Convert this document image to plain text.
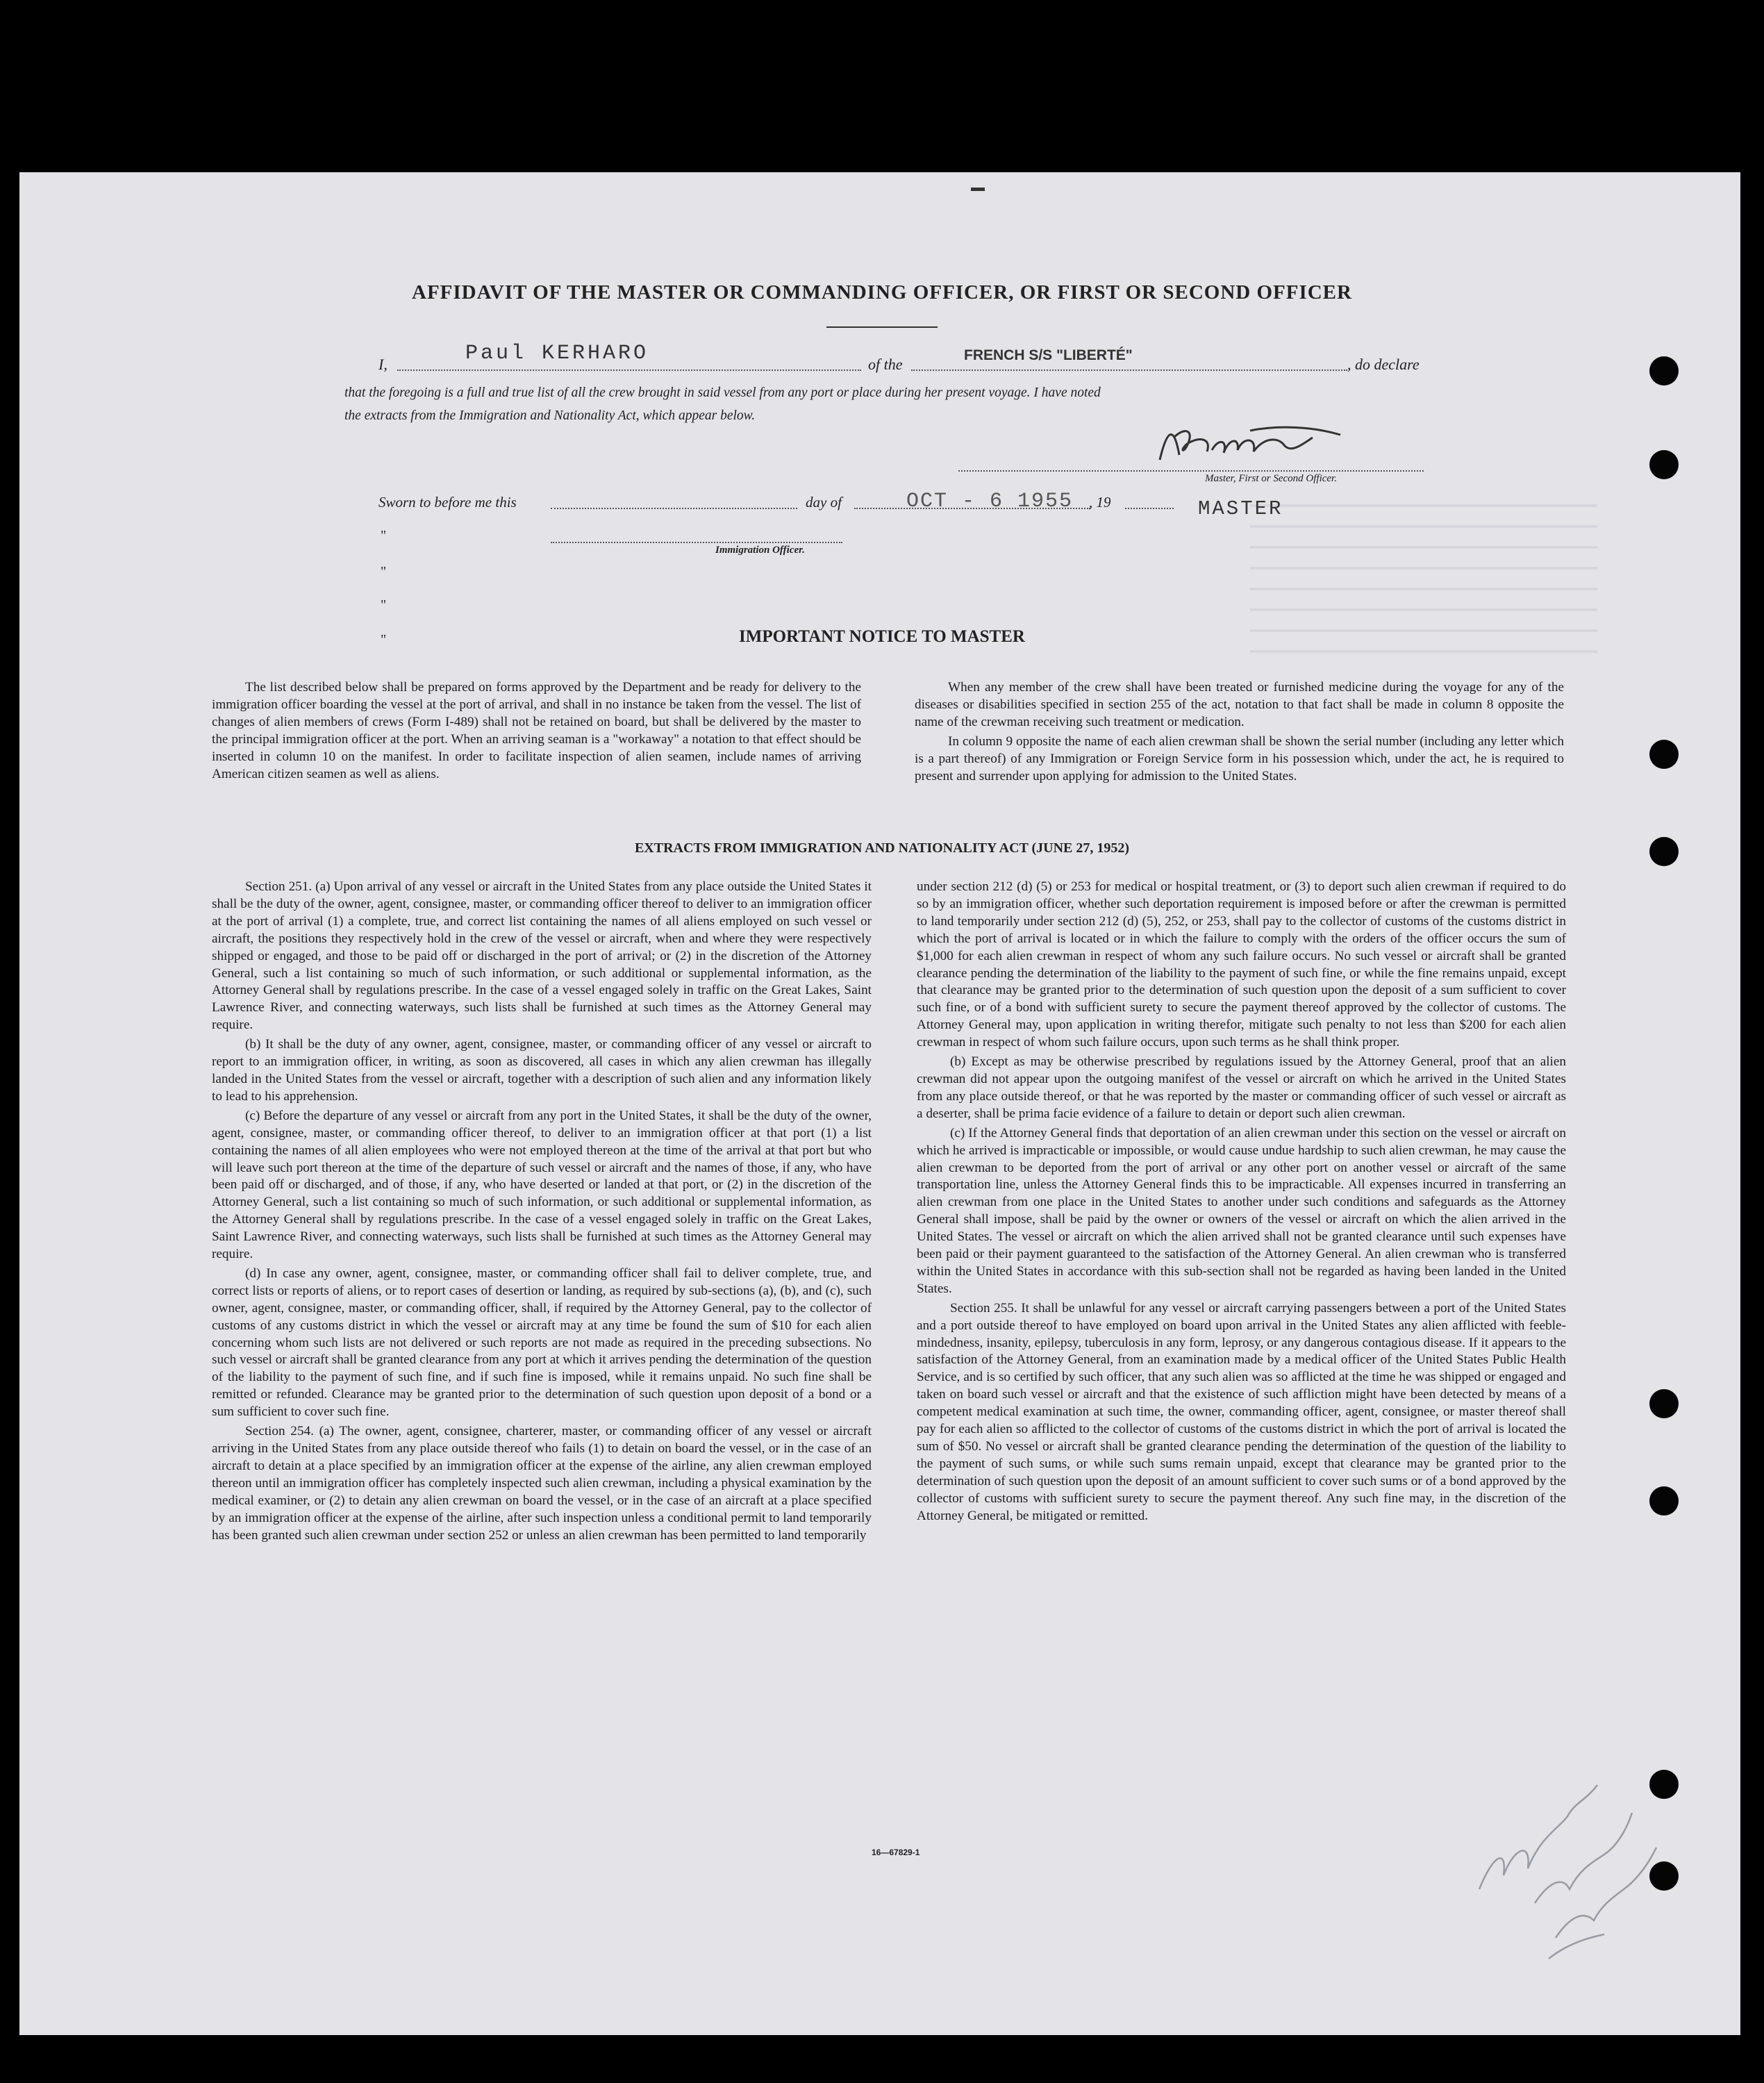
AFFIDAVIT OF THE MASTER OR COMMANDING OFFICER, OR FIRST OR SECOND OFFICER
I,	Paul KERHARO	of the
FRENCH S/S "LIBERTÉ"
, do declare
that the foregoing is a full and true list of all the crew brought in said vessel from any port or place during her present voyage. I have noted
the extracts from the Immigration and Nationality Act, which appear below.
Master, First or Second Officer.
Sworn to before me this	day of	OCT - 6 1955 , 19	MASTER
"
Immigration Officer.
"
"
"	IMPORTANT NOTICE TO MASTER

The list described below shall be prepared on forms approved by the Department and be ready for delivery to the immigration officer boarding the vessel at the port of arrival, and shall in no instance be taken from the vessel. The list of changes of alien members of crews (Form I-489) shall not be retained on board, but shall be delivered by the master to the principal immigration officer at the port. When an arriving seaman is a "workaway" a notation to that effect should be inserted in column 10 on the manifest. In order to facilitate inspection of alien seamen, include names of arriving American citizen seamen as well as aliens.

When any member of the crew shall have been treated or furnished medicine during the voyage for any of the diseases or disabilities specified in section 255 of the act, notation to that fact shall be made in column 8 opposite the name of the crewman receiving such treatment or medication.

In column 9 opposite the name of each alien crewman shall be shown the serial number (including any letter which is a part thereof) of any Immigration or Foreign Service form in his possession which, under the act, he is required to present and surrender upon applying for admission to the United States.

EXTRACTS FROM IMMIGRATION AND NATIONALITY ACT (JUNE 27, 1952)

Section 251. (a) Upon arrival of any vessel or aircraft in the United States from any place outside the United States it shall be the duty of the owner, agent, consignee, master, or commanding officer thereof to deliver to an immigration officer at the port of arrival (1) a complete, true, and correct list containing the names of all aliens employed on such vessel or aircraft, the positions they respectively hold in the crew of the vessel or aircraft, when and where they were respectively shipped or engaged, and those to be paid off or discharged in the port of arrival; or (2) in the discretion of the Attorney General, such a list containing so much of such information, or such additional or supplemental information, as the Attorney General shall by regulations prescribe. In the case of a vessel engaged solely in traffic on the Great Lakes, Saint Lawrence River, and connecting waterways, such lists shall be furnished at such times as the Attorney General may require.

(b) It shall be the duty of any owner, agent, consignee, master, or commanding officer of any vessel or aircraft to report to an immigration officer, in writing, as soon as discovered, all cases in which any alien crewman has illegally landed in the United States from the vessel or aircraft, together with a description of such alien and any information likely to lead to his apprehension.

(c) Before the departure of any vessel or aircraft from any port in the United States, it shall be the duty of the owner, agent, consignee, master, or commanding officer thereof, to deliver to an immigration officer at that port (1) a list containing the names of all alien employees who were not employed thereon at the time of the arrival at that port but who will leave such port thereon at the time of the departure of such vessel or aircraft and the names of those, if any, who have been paid off or discharged, and of those, if any, who have deserted or landed at that port, or (2) in the discretion of the Attorney General, such a list containing so much of such information, or such additional or supplemental information, as the Attorney General shall by regulations prescribe. In the case of a vessel engaged solely in traffic on the Great Lakes, Saint Lawrence River, and connecting waterways, such lists shall be furnished at such times as the Attorney General may require.

(d) In case any owner, agent, consignee, master, or commanding officer shall fail to deliver complete, true, and correct lists or reports of aliens, or to report cases of desertion or landing, as required by sub-sections (a), (b), and (c), such owner, agent, consignee, master, or commanding officer, shall, if required by the Attorney General, pay to the collector of customs of any customs district in which the vessel or aircraft may at any time be found the sum of $10 for each alien concerning whom such lists are not delivered or such reports are not made as required in the preceding subsections. No such vessel or aircraft shall be granted clearance from any port at which it arrives pending the determination of the question of the liability to the payment of such fine, and if such fine is imposed, while it remains unpaid. No such fine shall be remitted or refunded. Clearance may be granted prior to the determination of such question upon deposit of a bond or a sum sufficient to cover such fine.

Section 254. (a) The owner, agent, consignee, charterer, master, or commanding officer of any vessel or aircraft arriving in the United States from any place outside thereof who fails (1) to detain on board the vessel, or in the case of an aircraft to detain at a place specified by an immigration officer at the expense of the airline, any alien crewman employed thereon until an immigration officer has completely inspected such alien crewman, including a physical examination by the medical examiner, or (2) to detain any alien crewman on board the vessel, or in the case of an aircraft at a place specified by an immigration officer at the expense of the airline, after such inspection unless a conditional permit to land temporarily has been granted such alien crewman under section 252 or unless an alien crewman has been permitted to land temporarily

under section 212 (d) (5) or 253 for medical or hospital treatment, or (3) to deport such alien crewman if required to do so by an immigration officer, whether such deportation requirement is imposed before or after the crewman is permitted to land temporarily under section 212 (d) (5), 252, or 253, shall pay to the collector of customs of the customs district in which the port of arrival is located or in which the failure to comply with the orders of the officer occurs the sum of $1,000 for each alien crewman in respect of whom any such failure occurs. No such vessel or aircraft shall be granted clearance pending the determination of the liability to the payment of such fine, or while the fine remains unpaid, except that clearance may be granted prior to the determination of such question upon the deposit of a sum sufficient to cover such fine, or of a bond with sufficient surety to secure the payment thereof approved by the collector of customs. The Attorney General may, upon application in writing therefor, mitigate such penalty to not less than $200 for each alien crewman in respect of whom such failure occurs, upon such terms as he shall think proper.

(b) Except as may be otherwise prescribed by regulations issued by the Attorney General, proof that an alien crewman did not appear upon the outgoing manifest of the vessel or aircraft on which he arrived in the United States from any place outside thereof, or that he was reported by the master or commanding officer of such vessel or aircraft as a deserter, shall be prima facie evidence of a failure to detain or deport such alien crewman.

(c) If the Attorney General finds that deportation of an alien crewman under this section on the vessel or aircraft on which he arrived is impracticable or impossible, or would cause undue hardship to such alien crewman, he may cause the alien crewman to be deported from the port of arrival or any other port on another vessel or aircraft of the same transportation line, unless the Attorney General finds this to be impracticable. All expenses incurred in transferring an alien crewman from one place in the United States to another under such conditions and safeguards as the Attorney General shall impose, shall be paid by the owner or owners of the vessel or aircraft on which the alien arrived in the United States. The vessel or aircraft on which the alien arrived shall not be granted clearance until such expenses have been paid or their payment guaranteed to the satisfaction of the Attorney General. An alien crewman who is transferred within the United States in accordance with this sub-section shall not be regarded as having been landed in the United States.

Section 255. It shall be unlawful for any vessel or aircraft carrying passengers between a port of the United States and a port outside thereof to have employed on board upon arrival in the United States any alien afflicted with feeble-mindedness, insanity, epilepsy, tuberculosis in any form, leprosy, or any dangerous contagious disease. If it appears to the satisfaction of the Attorney General, from an examination made by a medical officer of the United States Public Health Service, and is so certified by such officer, that any such alien was so afflicted at the time he was shipped or engaged and taken on board such vessel or aircraft and that the existence of such affliction might have been detected by means of a competent medical examination at such time, the owner, commanding officer, agent, consignee, or master thereof shall pay for each alien so afflicted to the collector of customs of the customs district in which the port of arrival is located the sum of $50. No vessel or aircraft shall be granted clearance pending the determination of the question of the liability to the payment of such sums, or while such sums remain unpaid, except that clearance may be granted prior to the determination of such question upon the deposit of an amount sufficient to cover such sums or of a bond approved by the collector of customs with sufficient surety to secure the payment thereof. Any such fine may, in the discretion of the Attorney General, be mitigated or remitted.

16—67829-1
